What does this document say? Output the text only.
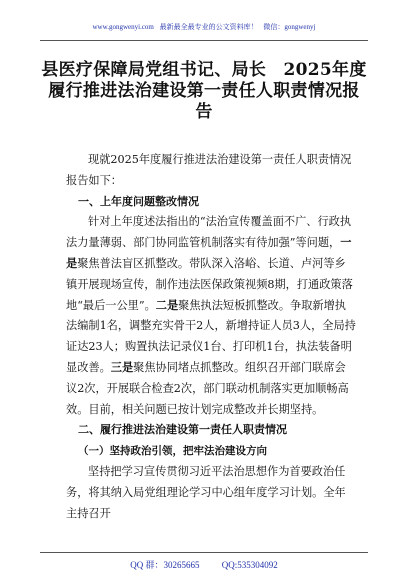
www.gongwenyi.com 最新最全最专业的公文资料库！ 微信：gongwenyj
县医疗保障局党组书记、局长　2025年度履行推进法治建设第一责任人职责情况报告

现就2025年度履行推进法治建设第一责任人职责情况报告如下：

一、上年度问题整改情况

针对上年度述法指出的“法治宣传覆盖面不广、行政执法力量薄弱、部门协同监管机制落实有待加强”等问题，一是聚焦普法盲区抓整改。带队深入洛峪、长道、卢河等乡镇开展现场宣传，制作违法医保政策视频8期，打通政策落地“最后一公里”。二是聚焦执法短板抓整改。争取新增执法编制1名，调整充实骨干2人，新增持证人员3人，全局持证达23人；购置执法记录仪1台、打印机1台，执法装备明显改善。三是聚焦协同堵点抓整改。组织召开部门联席会议2次，开展联合检查2次，部门联动机制落实更加顺畅高效。目前，相关问题已按计划完成整改并长期坚持。

二、履行推进法治建设第一责任人职责情况

（一）坚持政治引领，把牢法治建设方向

坚持把学习宣传贯彻习近平法治思想作为首要政治任务，将其纳入局党组理论学习中心组年度学习计划。全年主持召开

QQ 群：30265665 QQ:535304092
